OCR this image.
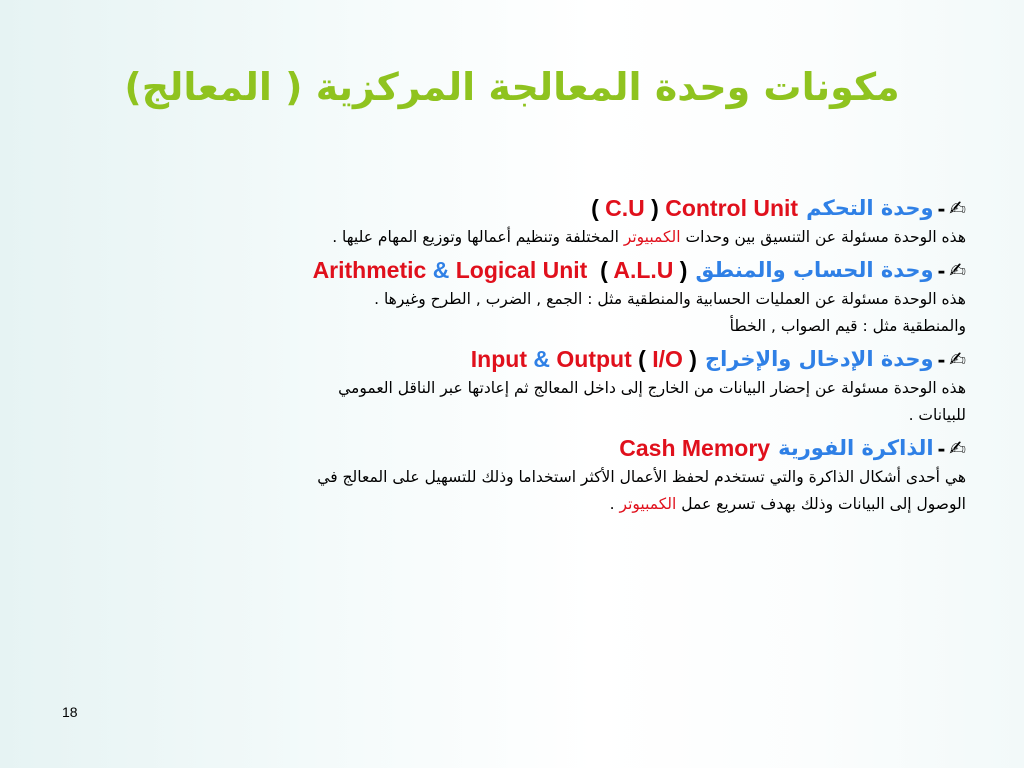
مكونات وحدة المعالجة المركزية ( المعالج)
✍
-
وحدة التحكم
( C.U ) Control Unit

هذه الوحدة مسئولة عن التنسيق بين وحدات الكمبيوتر المختلفة وتنظيم أعمالها وتوزيع المهام عليها .

✍
-
وحدة الحساب والمنطق
Arithmetic & Logical Unit ( A.L.U )

هذه الوحدة مسئولة عن العمليات الحسابية والمنطقية مثل : الجمع , الضرب , الطرح وغيرها .

والمنطقية مثل : قيم الصواب , الخطأ

✍
-
وحدة الإدخال والإخراج
Input & Output ( I/O )

هذه الوحدة مسئولة عن إحضار البيانات من الخارج إلى داخل المعالج ثم إعادتها عبر الناقل العمومي

للبيانات .

✍
-
الذاكرة الفورية
Cash Memory

هي أحدى أشكال الذاكرة والتي تستخدم لحفظ الأعمال الأكثر استخداما وذلك للتسهيل على المعالج في

الوصول إلى البيانات وذلك بهدف تسريع عمل الكمبيوتر .

18
